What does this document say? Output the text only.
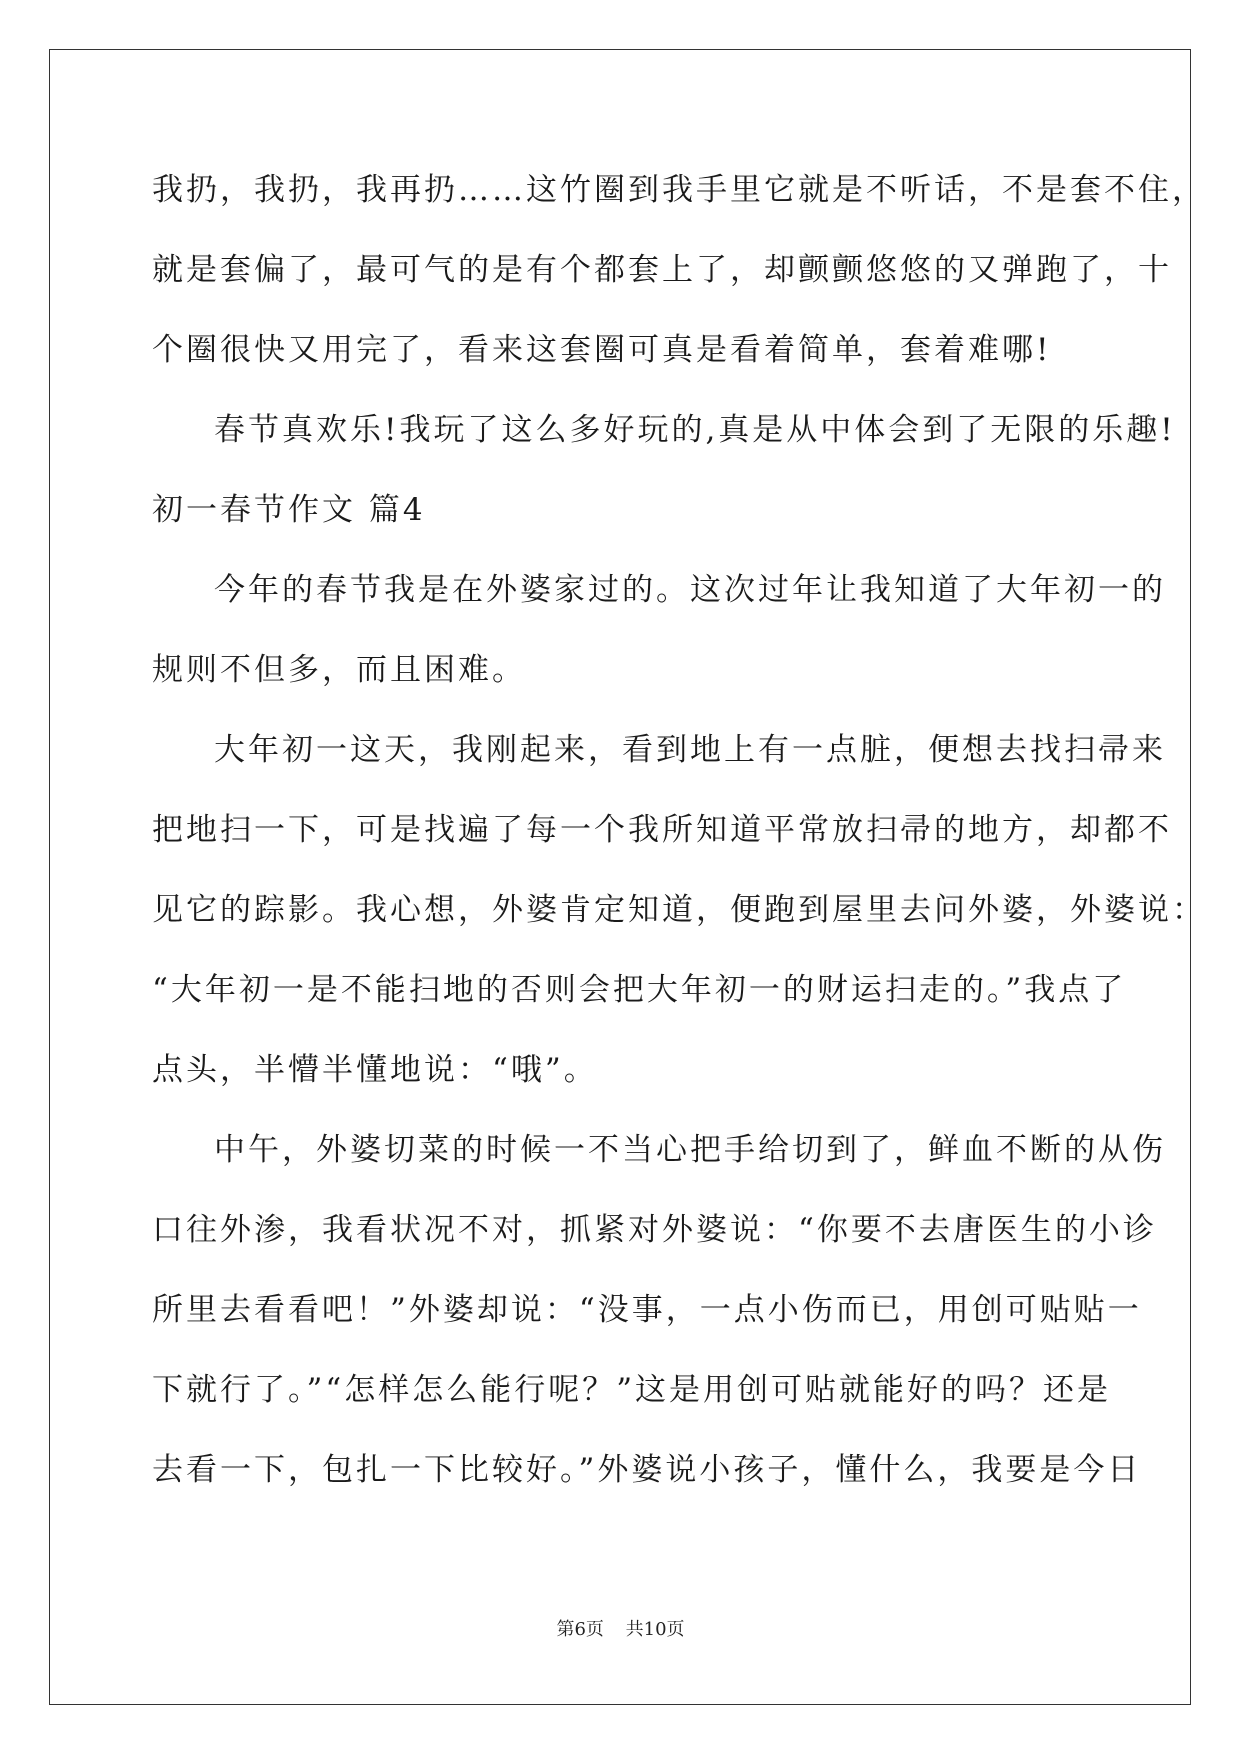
我扔，我扔，我再扔……这竹圈到我手里它就是不听话，不是套不住，
就是套偏了，最可气的是有个都套上了，却颤颤悠悠的又弹跑了，十
个圈很快又用完了，看来这套圈可真是看着简单，套着难哪!
春节真欢乐!我玩了这么多好玩的,真是从中体会到了无限的乐趣!
初一春节作文 篇4
今年的春节我是在外婆家过的。这次过年让我知道了大年初一的
规则不但多，而且困难。
大年初一这天，我刚起来，看到地上有一点脏，便想去找扫帚来
把地扫一下，可是找遍了每一个我所知道平常放扫帚的地方，却都不
见它的踪影。我心想，外婆肯定知道，便跑到屋里去问外婆，外婆说：
“大年初一是不能扫地的否则会把大年初一的财运扫走的。”我点了
点头，半懵半懂地说：“哦”。
中午，外婆切菜的时候一不当心把手给切到了，鲜血不断的从伤
口往外渗，我看状况不对，抓紧对外婆说：“你要不去唐医生的小诊
所里去看看吧！”外婆却说：“没事，一点小伤而已，用创可贴贴一
下就行了。”“怎样怎么能行呢？”这是用创可贴就能好的吗？还是
去看一下，包扎一下比较好。”外婆说小孩子，懂什么，我要是今日
第6页 共10页
